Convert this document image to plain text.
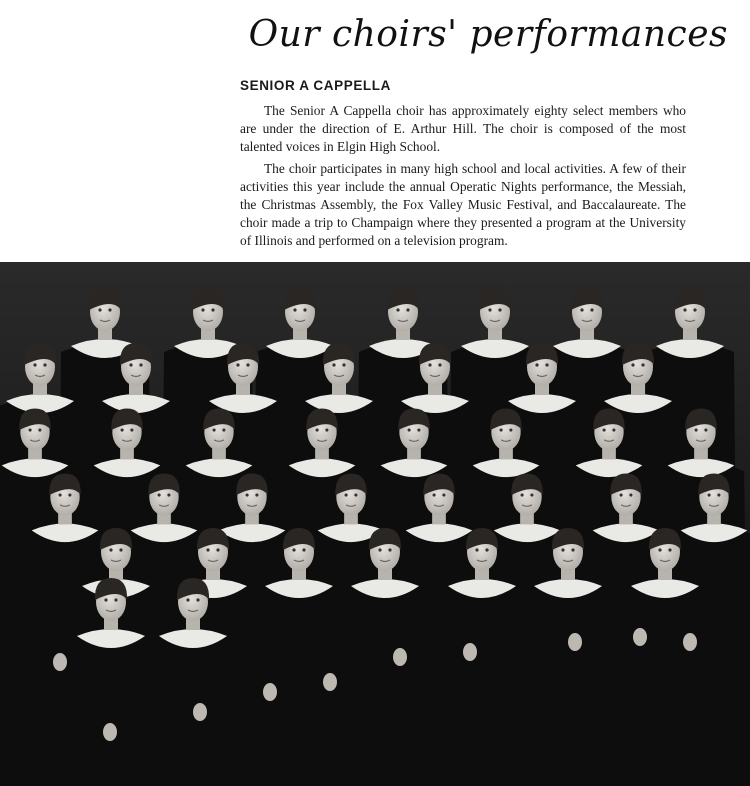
Our choirs' performances
SENIOR A CAPPELLA

The Senior A Cappella choir has approximately eighty select members who are under the direction of E. Arthur Hill. The choir is composed of the most talented voices in Elgin High School.

The choir participates in many high school and local activities. A few of their activities this year include the annual Operatic Nights performance, the Messiah, the Christmas Assembly, the Fox Valley Music Festival, and Baccalaureate. The choir made a trip to Champaign where they presented a program at the University of Illinois and performed on a television program.
